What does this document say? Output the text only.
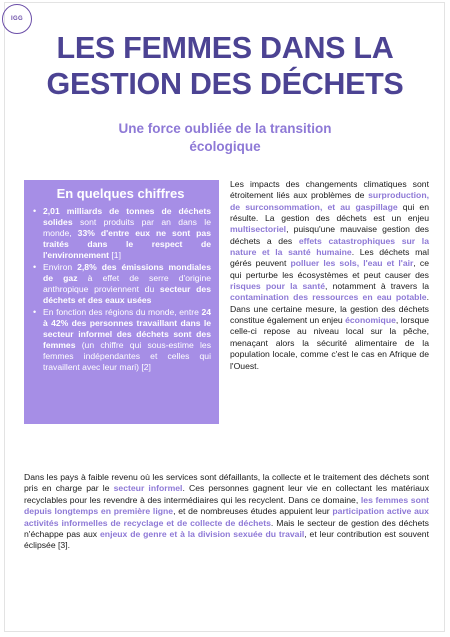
IGG
LES FEMMES DANS LA
GESTION DES DÉCHETS
Une force oubliée de la transition
écologique
En quelques chiffres
• 2,01 milliards de tonnes de déchets solides sont produits par an dans le monde, 33% d'entre eux ne sont pas traités dans le respect de l'environnement [1]
• Environ 2,8% des émissions mondiales de gaz à effet de serre d'origine anthropique proviennent du secteur des déchets et des eaux usées
• En fonction des régions du monde, entre 24 à 42% des personnes travaillant dans le secteur informel des déchets sont des femmes (un chiffre qui sous-estime les femmes indépendantes et celles qui travaillent avec leur mari) [2]

Les impacts des changements climatiques sont étroitement liés aux problèmes de surproduction, de surconsommation, et au gaspillage qui en résulte. La gestion des déchets est un enjeu multisectoriel, puisqu'une mauvaise gestion des déchets a des effets catastrophiques sur la nature et la santé humaine. Les déchets mal gérés peuvent polluer les sols, l'eau et l'air, ce qui perturbe les écosystèmes et peut causer des risques pour la santé, notamment à travers la contamination des ressources en eau potable. Dans une certaine mesure, la gestion des déchets constitue également un enjeu économique, lorsque celle-ci repose au niveau local sur la pêche, menaçant alors la sécurité alimentaire de la population locale, comme c'est le cas en Afrique de l'Ouest.

Dans les pays à faible revenu où les services sont défaillants, la collecte et le traitement des déchets sont pris en charge par le secteur informel. Ces personnes gagnent leur vie en collectant les matériaux recyclables pour les revendre à des intermédiaires qui les recyclent. Dans ce domaine, les femmes sont depuis longtemps en première ligne, et de nombreuses études appuient leur participation active aux activités informelles de recyclage et de collecte de déchets. Mais le secteur de gestion des déchets n'échappe pas aux enjeux de genre et à la division sexuée du travail, et leur contribution est souvent éclipsée [3].
